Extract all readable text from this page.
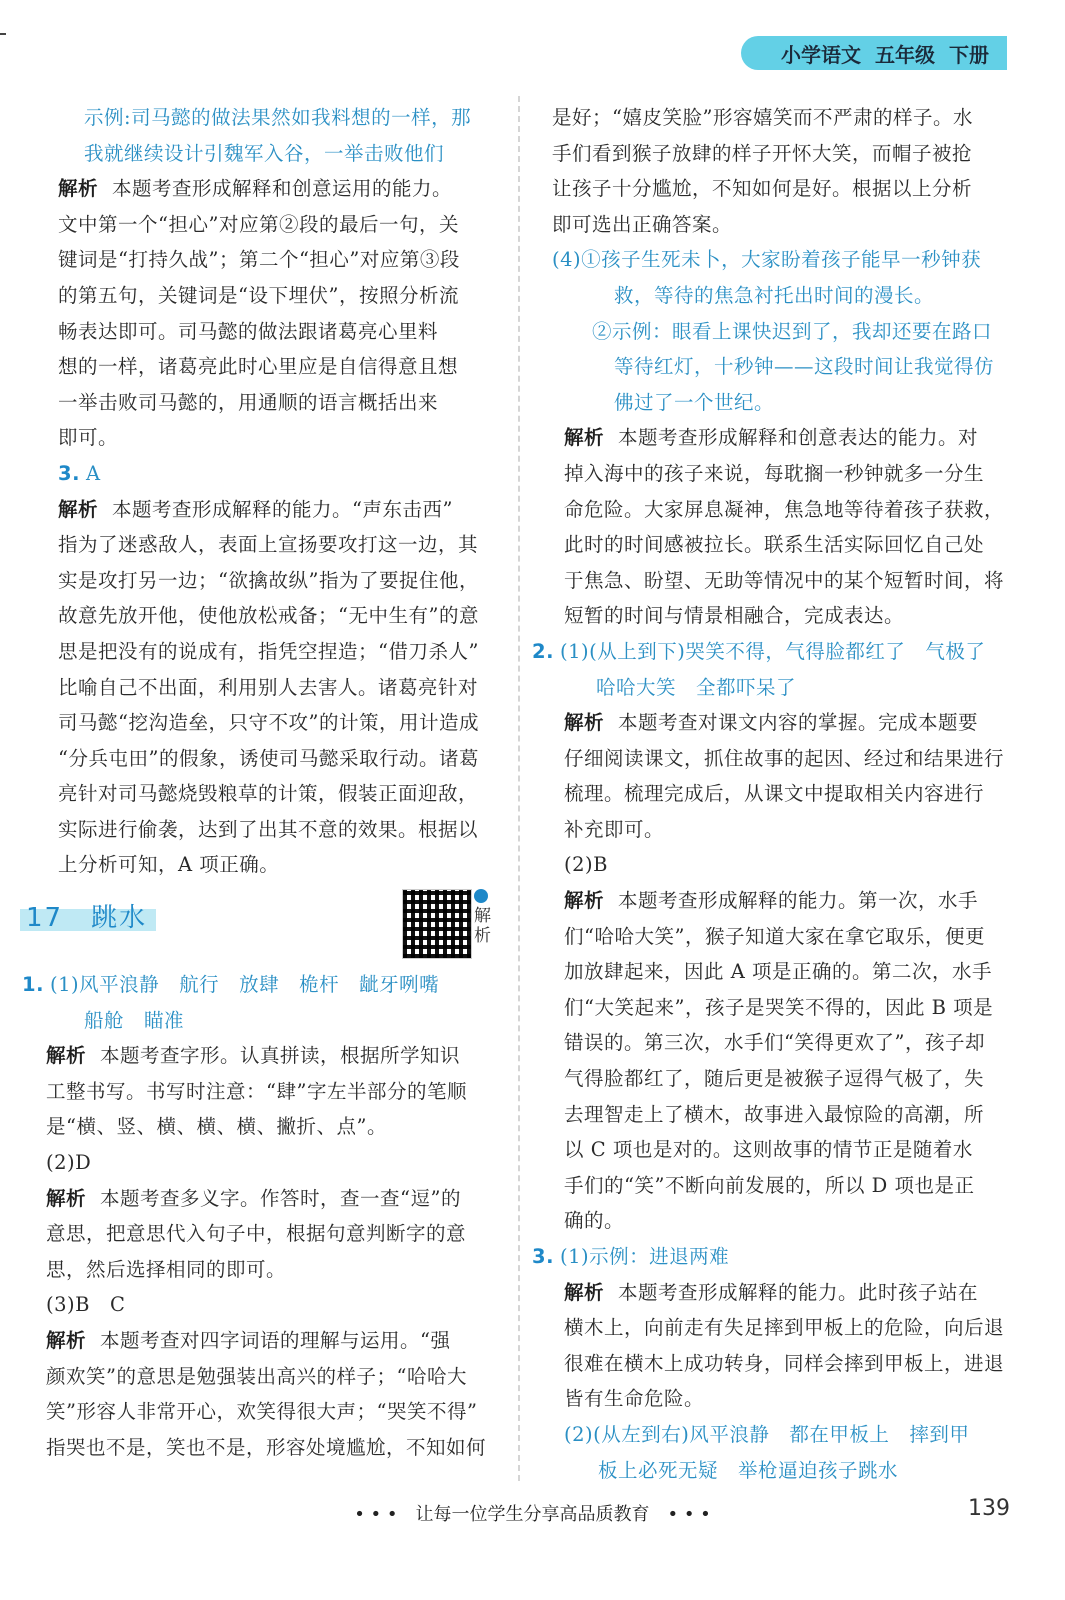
小学语文 五年级 下册

示例:司马懿的做法果然如我料想的一样，那

我就继续设计引魏军入谷，一举击败他们

解析 本题考查形成解释和创意运用的能力。

文中第一个“担心”对应第②段的最后一句，关

键词是“打持久战”；第二个“担心”对应第③段

的第五句，关键词是“设下埋伏”，按照分析流

畅表达即可。司马懿的做法跟诸葛亮心里料

想的一样，诸葛亮此时心里应是自信得意且想

一举击败司马懿的，用通顺的语言概括出来

即可。

3. A

解析 本题考查形成解释的能力。“声东击西”

指为了迷惑敌人，表面上宣扬要攻打这一边，其

实是攻打另一边；“欲擒故纵”指为了要捉住他，

故意先放开他，使他放松戒备；“无中生有”的意

思是把没有的说成有，指凭空捏造；“借刀杀人”

比喻自己不出面，利用别人去害人。诸葛亮针对

司马懿“挖沟造垒，只守不攻”的计策，用计造成

“分兵屯田”的假象，诱使司马懿采取行动。诸葛

亮针对司马懿烧毁粮草的计策，假装正面迎敌，

实际进行偷袭，达到了出其不意的效果。根据以

上分析可知，A 项正确。

17　 跳水	解析

1. (1)风平浪静　航行　放肆　桅杆　龇牙咧嘴

船舱　瞄准

解析 本题考查字形。认真拼读，根据所学知识

工整书写。书写时注意：“肆”字左半部分的笔顺

是“横、竖、横、横、横、撇折、点”。

(2)D

解析 本题考查多义字。作答时，查一查“逗”的

意思，把意思代入句子中，根据句意判断字的意

思，然后选择相同的即可。

(3)B　C

解析 本题考查对四字词语的理解与运用。“强

颜欢笑”的意思是勉强装出高兴的样子；“哈哈大

笑”形容人非常开心，欢笑得很大声；“哭笑不得”

指哭也不是，笑也不是，形容处境尴尬，不知如何

是好；“嬉皮笑脸”形容嬉笑而不严肃的样子。水

手们看到猴子放肆的样子开怀大笑，而帽子被抢

让孩子十分尴尬，不知如何是好。根据以上分析

即可选出正确答案。

(4)①孩子生死未卜，大家盼着孩子能早一秒钟获

救，等待的焦急衬托出时间的漫长。

②示例：眼看上课快迟到了，我却还要在路口

等待红灯，十秒钟——这段时间让我觉得仿

佛过了一个世纪。

解析 本题考查形成解释和创意表达的能力。对

掉入海中的孩子来说，每耽搁一秒钟就多一分生

命危险。大家屏息凝神，焦急地等待着孩子获救，

此时的时间感被拉长。联系生活实际回忆自己处

于焦急、盼望、无助等情况中的某个短暂时间，将

短暂的时间与情景相融合，完成表达。

2. (1)(从上到下)哭笑不得，气得脸都红了　气极了

哈哈大笑　全都吓呆了

解析 本题考查对课文内容的掌握。完成本题要

仔细阅读课文，抓住故事的起因、经过和结果进行

梳理。梳理完成后，从课文中提取相关内容进行

补充即可。

(2)B

解析 本题考查形成解释的能力。第一次，水手

们“哈哈大笑”，猴子知道大家在拿它取乐，便更

加放肆起来，因此 A 项是正确的。第二次，水手

们“大笑起来”，孩子是哭笑不得的，因此 B 项是

错误的。第三次，水手们“笑得更欢了”，孩子却

气得脸都红了，随后更是被猴子逗得气极了，失

去理智走上了横木，故事进入最惊险的高潮，所

以 C 项也是对的。这则故事的情节正是随着水

手们的“笑”不断向前发展的，所以 D 项也是正

确的。

3. (1)示例：进退两难

解析 本题考查形成解释的能力。此时孩子站在

横木上，向前走有失足摔到甲板上的危险，向后退

很难在横木上成功转身，同样会摔到甲板上，进退

皆有生命危险。

(2)(从左到右)风平浪静　都在甲板上　摔到甲

板上必死无疑　举枪逼迫孩子跳水

• • •　让每一位学生分享高品质教育　• • •	139
